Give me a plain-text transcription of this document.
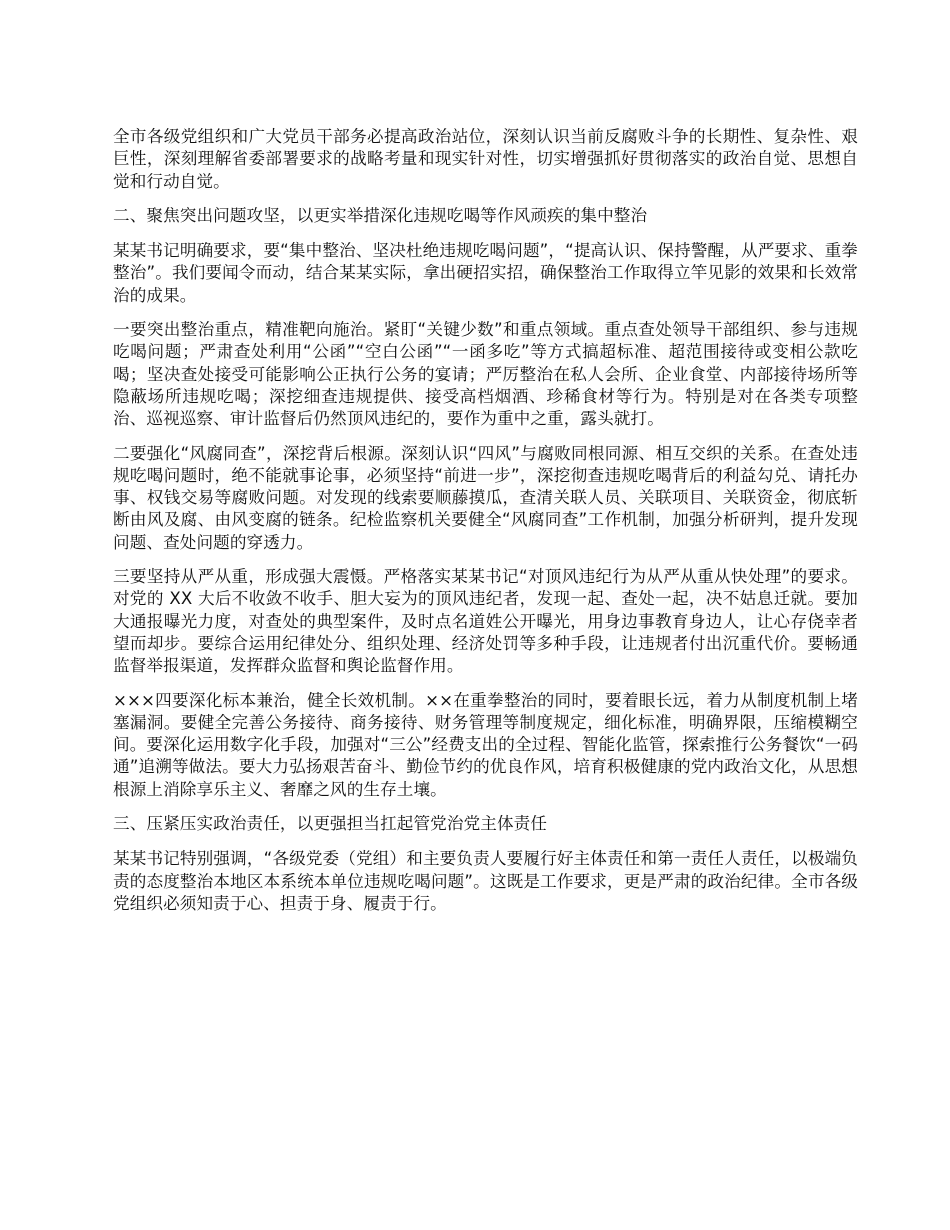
全市各级党组织和广大党员干部务必提高政治站位，深刻认识当前反腐败斗争的长期性、复杂性、艰巨性，深刻理解省委部署要求的战略考量和现实针对性，切实增强抓好贯彻落实的政治自觉、思想自觉和行动自觉。

二、聚焦突出问题攻坚，以更实举措深化违规吃喝等作风顽疾的集中整治

某某书记明确要求，要“集中整治、坚决杜绝违规吃喝问题”，“提高认识、保持警醒，从严要求、重拳整治”。我们要闻令而动，结合某某实际，拿出硬招实招，确保整治工作取得立竿见影的效果和长效常治的成果。

一要突出整治重点，精准靶向施治。紧盯“关键少数”和重点领域。重点查处领导干部组织、参与违规吃喝问题；严肃查处利用“公函”“空白公函”“一函多吃”等方式搞超标准、超范围接待或变相公款吃喝；坚决查处接受可能影响公正执行公务的宴请；严厉整治在私人会所、企业食堂、内部接待场所等隐蔽场所违规吃喝；深挖细查违规提供、接受高档烟酒、珍稀食材等行为。特别是对在各类专项整治、巡视巡察、审计监督后仍然顶风违纪的，要作为重中之重，露头就打。

二要强化“风腐同查”，深挖背后根源。深刻认识“四风”与腐败同根同源、相互交织的关系。在查处违规吃喝问题时，绝不能就事论事，必须坚持“前进一步”，深挖彻查违规吃喝背后的利益勾兑、请托办事、权钱交易等腐败问题。对发现的线索要顺藤摸瓜，查清关联人员、关联项目、关联资金，彻底斩断由风及腐、由风变腐的链条。纪检监察机关要健全“风腐同查”工作机制，加强分析研判，提升发现问题、查处问题的穿透力。

三要坚持从严从重，形成强大震慑。严格落实某某书记“对顶风违纪行为从严从重从快处理”的要求。对党的 XX 大后不收敛不收手、胆大妄为的顶风违纪者，发现一起、查处一起，决不姑息迁就。要加大通报曝光力度，对查处的典型案件，及时点名道姓公开曝光，用身边事教育身边人，让心存侥幸者望而却步。要综合运用纪律处分、组织处理、经济处罚等多种手段，让违规者付出沉重代价。要畅通监督举报渠道，发挥群众监督和舆论监督作用。

×××四要深化标本兼治，健全长效机制。××在重拳整治的同时，要着眼长远，着力从制度机制上堵塞漏洞。要健全完善公务接待、商务接待、财务管理等制度规定，细化标准，明确界限，压缩模糊空间。要深化运用数字化手段，加强对“三公”经费支出的全过程、智能化监管，探索推行公务餐饮“一码通”追溯等做法。要大力弘扬艰苦奋斗、勤俭节约的优良作风，培育积极健康的党内政治文化，从思想根源上消除享乐主义、奢靡之风的生存土壤。

三、压紧压实政治责任，以更强担当扛起管党治党主体责任

某某书记特别强调，“各级党委（党组）和主要负责人要履行好主体责任和第一责任人责任，以极端负责的态度整治本地区本系统本单位违规吃喝问题”。这既是工作要求，更是严肃的政治纪律。全市各级党组织必须知责于心、担责于身、履责于行。
